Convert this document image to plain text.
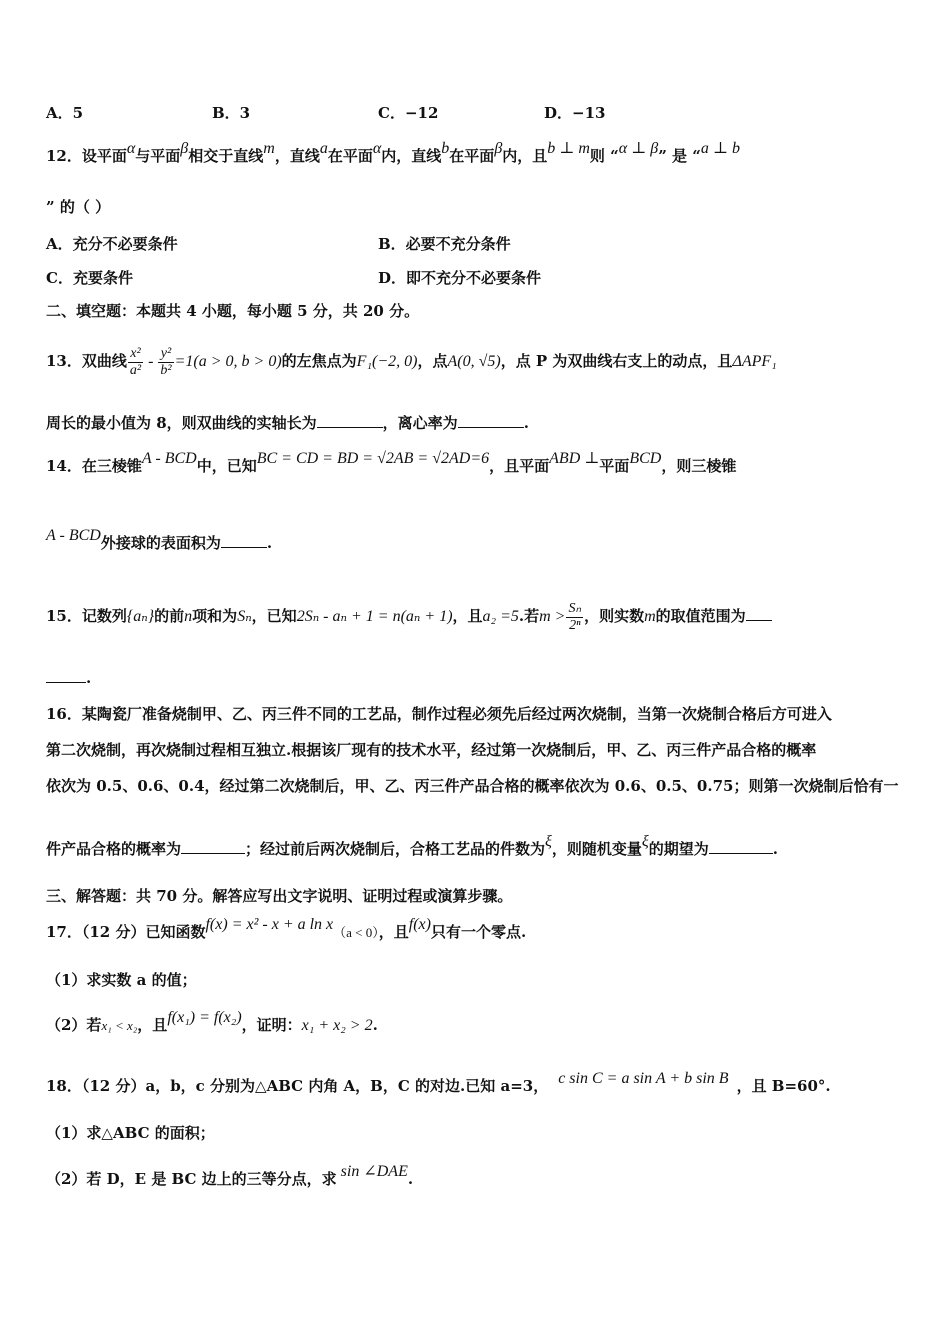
A．5	B．3	C．−12	D．−13
12．设平面α与平面β相交于直线m，直线a在平面α内，直线b在平面β内，且b ⊥ m则 “α ⊥ β” 是 “a ⊥ b
” 的（ ）
A．充分不必要条件	B．必要不充分条件
C．充要条件	D．即不充分不必要条件
二、填空题：本题共 4 小题，每小题 5 分，共 20 分。
13．双曲线 $\frac{\text{x²}}{\text{a²}} - \frac{\text{y²}}{\text{b²}} =1(a > 0$, b > 0)的左焦点为F₁(−2, 0)，点A(0, √5)，点 P 为双曲线右支上的动点，且ΔAPF₁
周长的最小值为 8，则双曲线的实轴长为	，离心率为	.
14．在三棱锥A - BCD中，已知BC = CD = BD = √2AB = √2AD=6，且平面ABD ⊥平面BCD，则三棱锥
A - BCD外接球的表面积为	.
15．记数列{aₙ}的前n项和为Sₙ，已知2Sₙ - aₙ + 1 = n(aₙ + 1)，且a₂ =5.若$m > \frac{\text{Sₙ}}{\text{2ⁿ}}$ ，则实数m的取值范围为
.
16．某陶瓷厂准备烧制甲、乙、丙三件不同的工艺品，制作过程必须先后经过两次烧制，当第一次烧制合格后方可进入
第二次烧制，再次烧制过程相互独立.根据该厂现有的技术水平，经过第一次烧制后，甲、乙、丙三件产品合格的概率
依次为 0.5、0.6、0.4，经过第二次烧制后，甲、乙、丙三件产品合格的概率依次为 0.6、0.5、0.75；则第一次烧制后恰有一
件产品合格的概率为	；经过前后两次烧制后，合格工艺品的件数为ξ，则随机变量ξ的期望为	.
三、解答题：共 70 分。解答应写出文字说明、证明过程或演算步骤。
17．（12 分）已知函数f(x) = x² - x + a ln x（a < 0），且f(x)只有一个零点.
（1）求实数 a 的值；
（2）若x₁ < x₂，且f(x₁) = f(x₂)，证明：x₁ + x₂ > 2.
18．（12 分）a，b，c 分别为△ABC 内角 A，B，C 的对边.已知 a=3， c sin C = a sin A + b sin B ，且 B=60°.
（1）求△ABC 的面积；
（2）若 D，E 是 BC 边上的三等分点，求 sin ∠DAE.
